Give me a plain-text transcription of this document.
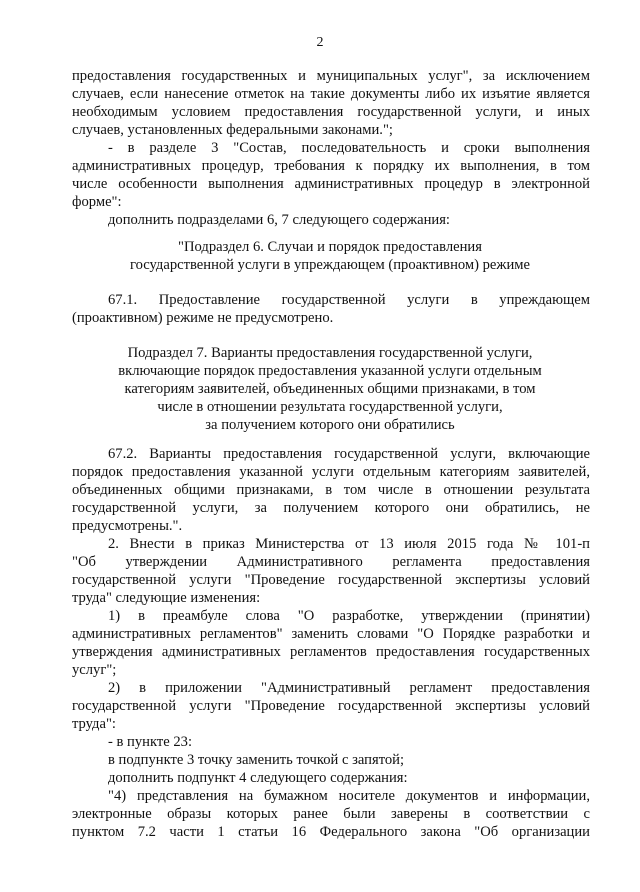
2
предоставления государственных и муниципальных услуг", за исключением
случаев, если нанесение отметок на такие документы либо их изъятие является
необходимым условием предоставления государственной услуги, и иных
случаев, установленных федеральными законами.";
- в разделе 3 "Состав, последовательность и сроки выполнения
административных процедур, требования к порядку их выполнения, в том
числе особенности выполнения административных процедур в электронной
форме":
дополнить подразделами 6, 7 следующего содержания:
"Подраздел 6. Случаи и порядок предоставления
государственной услуги в упреждающем (проактивном) режиме
67.1. Предоставление государственной услуги в упреждающем
(проактивном) режиме не предусмотрено.
Подраздел 7. Варианты предоставления государственной услуги,
включающие порядок предоставления указанной услуги отдельным
категориям заявителей, объединенных общими признаками, в том
числе в отношении результата государственной услуги,
за получением которого они обратились
67.2. Варианты предоставления государственной услуги, включающие
порядок предоставления указанной услуги отдельным категориям заявителей,
объединенных общими признаками, в том числе в отношении результата
государственной услуги, за получением которого они обратились, не
предусмотрены.".
2. Внести в приказ Министерства от 13 июля 2015 года № 101-п
"Об утверждении Административного регламента предоставления
государственной услуги "Проведение государственной экспертизы условий
труда" следующие изменения:
1) в преамбуле слова "О разработке, утверждении (принятии)
административных регламентов" заменить словами "О Порядке разработки и
утверждения административных регламентов предоставления государственных
услуг";
2) в приложении "Административный регламент предоставления
государственной услуги "Проведение государственной экспертизы условий
труда":
- в пункте 23:
в подпункте 3 точку заменить точкой с запятой;
дополнить подпункт 4 следующего содержания:
"4) представления на бумажном носителе документов и информации,
электронные образы которых ранее были заверены в соответствии с
пунктом 7.2 части 1 статьи 16 Федерального закона "Об организации
